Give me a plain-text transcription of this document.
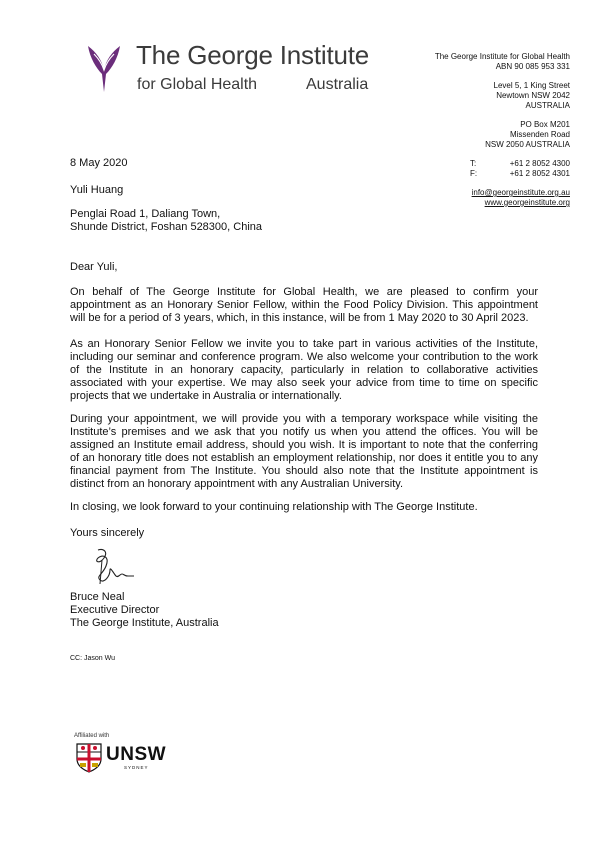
The George Institute
for Global Health	Australia
The George Institute for Global Health
ABN 90 085 953 331
Level 5, 1 King Street
Newtown NSW 2042
AUSTRALIA
PO Box M201
Missenden Road
NSW 2050 AUSTRALIA
T:	+61 2 8052 4300
F:	+61 2 8052 4301
info@georgeinstitute.org.au
www.georgeinstitute.org
8 May 2020
Yuli Huang
Penglai Road 1, Daliang Town,
Shunde District, Foshan 528300, China
Dear Yuli,
On behalf of The George Institute for Global Health, we are pleased to confirm your appointment as an Honorary Senior Fellow, within the Food Policy Division. This appointment will be for a period of 3 years, which, in this instance, will be from 1 May 2020 to 30 April 2023.
As an Honorary Senior Fellow we invite you to take part in various activities of the Institute, including our seminar and conference program. We also welcome your contribution to the work of the Institute in an honorary capacity, particularly in relation to collaborative activities associated with your expertise. We may also seek your advice from time to time on specific projects that we undertake in Australia or internationally.
During your appointment, we will provide you with a temporary workspace while visiting the Institute’s premises and we ask that you notify us when you attend the offices. You will be assigned an Institute email address, should you wish. It is important to note that the conferring of an honorary title does not establish an employment relationship, nor does it entitle you to any financial payment from The Institute. You should also note that the Institute appointment is distinct from an honorary appointment with any Australian University.
In closing, we look forward to your continuing relationship with The George Institute.
Yours sincerely
Bruce Neal
Executive Director
The George Institute, Australia
CC: Jason Wu
Affiliated with
UNSW
SYDNEY
